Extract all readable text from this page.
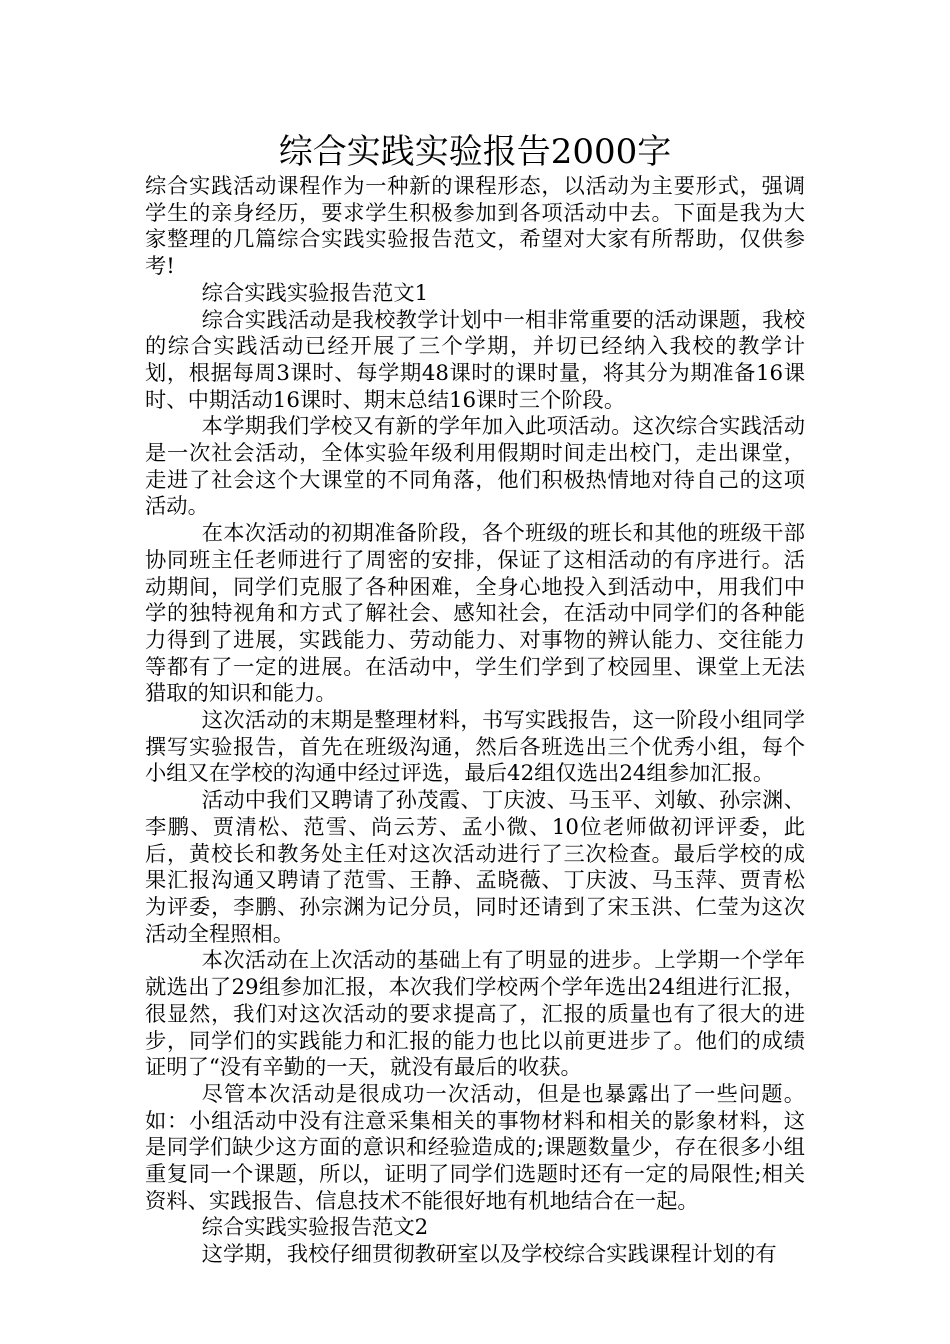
综合实践实验报告2000字

综合实践活动课程作为一种新的课程形态，以活动为主要形式，强调学生的亲身经历，要求学生积极参加到各项活动中去。下面是我为大家整理的几篇综合实践实验报告范文，希望对大家有所帮助，仅供参考!

综合实践实验报告范文1

综合实践活动是我校教学计划中一相非常重要的活动课题，我校的综合实践活动已经开展了三个学期，并切已经纳入我校的教学计划，根据每周3课时、每学期48课时的课时量，将其分为期准备16课时、中期活动16课时、期末总结16课时三个阶段。

本学期我们学校又有新的学年加入此项活动。这次综合实践活动是一次社会活动，全体实验年级利用假期时间走出校门，走出课堂，走进了社会这个大课堂的不同角落，他们积极热情地对待自己的这项活动。

在本次活动的初期准备阶段，各个班级的班长和其他的班级干部协同班主任老师进行了周密的安排，保证了这相活动的有序进行。活动期间，同学们克服了各种困难，全身心地投入到活动中，用我们中学的独特视角和方式了解社会、感知社会，在活动中同学们的各种能力得到了进展，实践能力、劳动能力、对事物的辨认能力、交往能力等都有了一定的进展。在活动中，学生们学到了校园里、课堂上无法猎取的知识和能力。

这次活动的末期是整理材料，书写实践报告，这一阶段小组同学撰写实验报告，首先在班级沟通，然后各班选出三个优秀小组，每个小组又在学校的沟通中经过评选，最后42组仅选出24组参加汇报。

活动中我们又聘请了孙茂霞、丁庆波、马玉平、刘敏、孙宗渊、李鹏、贾清松、范雪、尚云芳、孟小微、10位老师做初评评委，此后，黄校长和教务处主任对这次活动进行了三次检查。最后学校的成果汇报沟通又聘请了范雪、王静、孟晓薇、丁庆波、马玉萍、贾青松为评委，李鹏、孙宗渊为记分员，同时还请到了宋玉洪、仁莹为这次活动全程照相。

本次活动在上次活动的基础上有了明显的进步。上学期一个学年就选出了29组参加汇报，本次我们学校两个学年选出24组进行汇报，很显然，我们对这次活动的要求提高了，汇报的质量也有了很大的进步，同学们的实践能力和汇报的能力也比以前更进步了。他们的成绩证明了“没有辛勤的一天，就没有最后的收获。

尽管本次活动是很成功一次活动，但是也暴露出了一些问题。如：小组活动中没有注意采集相关的事物材料和相关的影象材料，这是同学们缺少这方面的意识和经验造成的;课题数量少，存在很多小组重复同一个课题，所以，证明了同学们选题时还有一定的局限性;相关资料、实践报告、信息技术不能很好地有机地结合在一起。

综合实践实验报告范文2

这学期，我校仔细贯彻教研室以及学校综合实践课程计划的有
